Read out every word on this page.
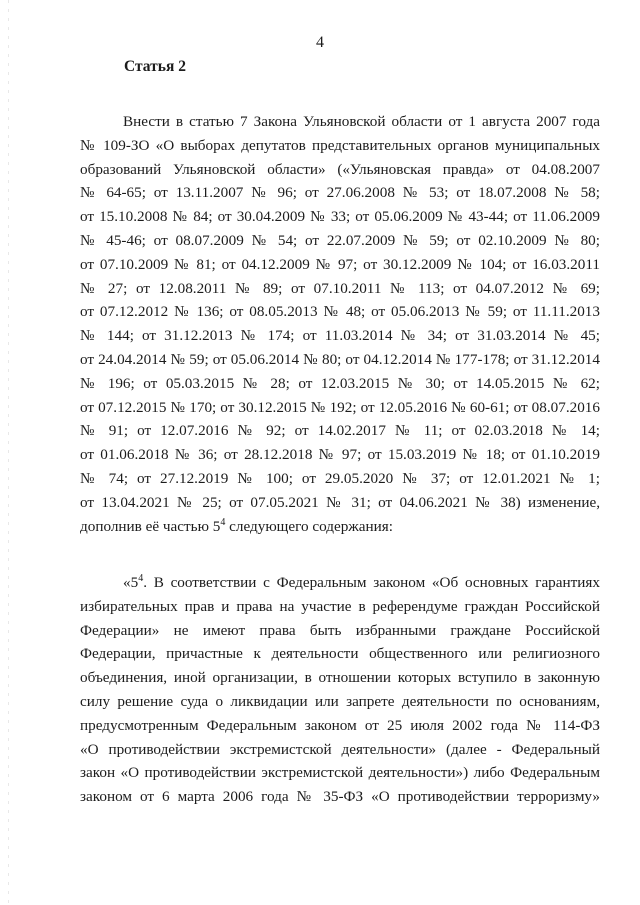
4
Статья 2
Внести в статью 7 Закона Ульяновской области от 1 августа 2007 года
№ 109-ЗО «О выборах депутатов представительных органов муниципальных
образований Ульяновской области» («Ульяновская правда» от 04.08.2007
№ 64-65; от 13.11.2007 № 96; от 27.06.2008 № 53; от 18.07.2008 № 58;
от 15.10.2008 № 84; от 30.04.2009 № 33; от 05.06.2009 № 43-44; от 11.06.2009
№ 45-46; от 08.07.2009 № 54; от 22.07.2009 № 59; от 02.10.2009 № 80;
от 07.10.2009 № 81; от 04.12.2009 № 97; от 30.12.2009 № 104; от 16.03.2011
№ 27; от 12.08.2011 № 89; от 07.10.2011 № 113; от 04.07.2012 № 69;
от 07.12.2012 № 136; от 08.05.2013 № 48; от 05.06.2013 № 59; от 11.11.2013
№ 144; от 31.12.2013 № 174; от 11.03.2014 № 34; от 31.03.2014 № 45;
от 24.04.2014 № 59; от 05.06.2014 № 80; от 04.12.2014 № 177-178; от 31.12.2014
№ 196; от 05.03.2015 № 28; от 12.03.2015 № 30; от 14.05.2015 № 62;
от 07.12.2015 № 170; от 30.12.2015 № 192; от 12.05.2016 № 60-61; от 08.07.2016
№ 91; от 12.07.2016 № 92; от 14.02.2017 № 11; от 02.03.2018 № 14;
от 01.06.2018 № 36; от 28.12.2018 № 97; от 15.03.2019 № 18; от 01.10.2019
№ 74; от 27.12.2019 № 100; от 29.05.2020 № 37; от 12.01.2021 № 1;
от 13.04.2021 № 25; от 07.05.2021 № 31; от 04.06.2021 № 38) изменение,
дополнив её частью $5^4$ следующего содержания:
«$5^4$. В соответствии с Федеральным законом «Об основных гарантиях
избирательных прав и права на участие в референдуме граждан Российской
Федерации» не имеют права быть избранными граждане Российской
Федерации, причастные к деятельности общественного или религиозного
объединения, иной организации, в отношении которых вступило в законную
силу решение суда о ликвидации или запрете деятельности по основаниям,
предусмотренным Федеральным законом от 25 июля 2002 года № 114-ФЗ
«О противодействии экстремистской деятельности» (далее - Федеральный
закон «О противодействии экстремистской деятельности») либо Федеральным
законом от 6 марта 2006 года № 35-ФЗ «О противодействии терроризму»
